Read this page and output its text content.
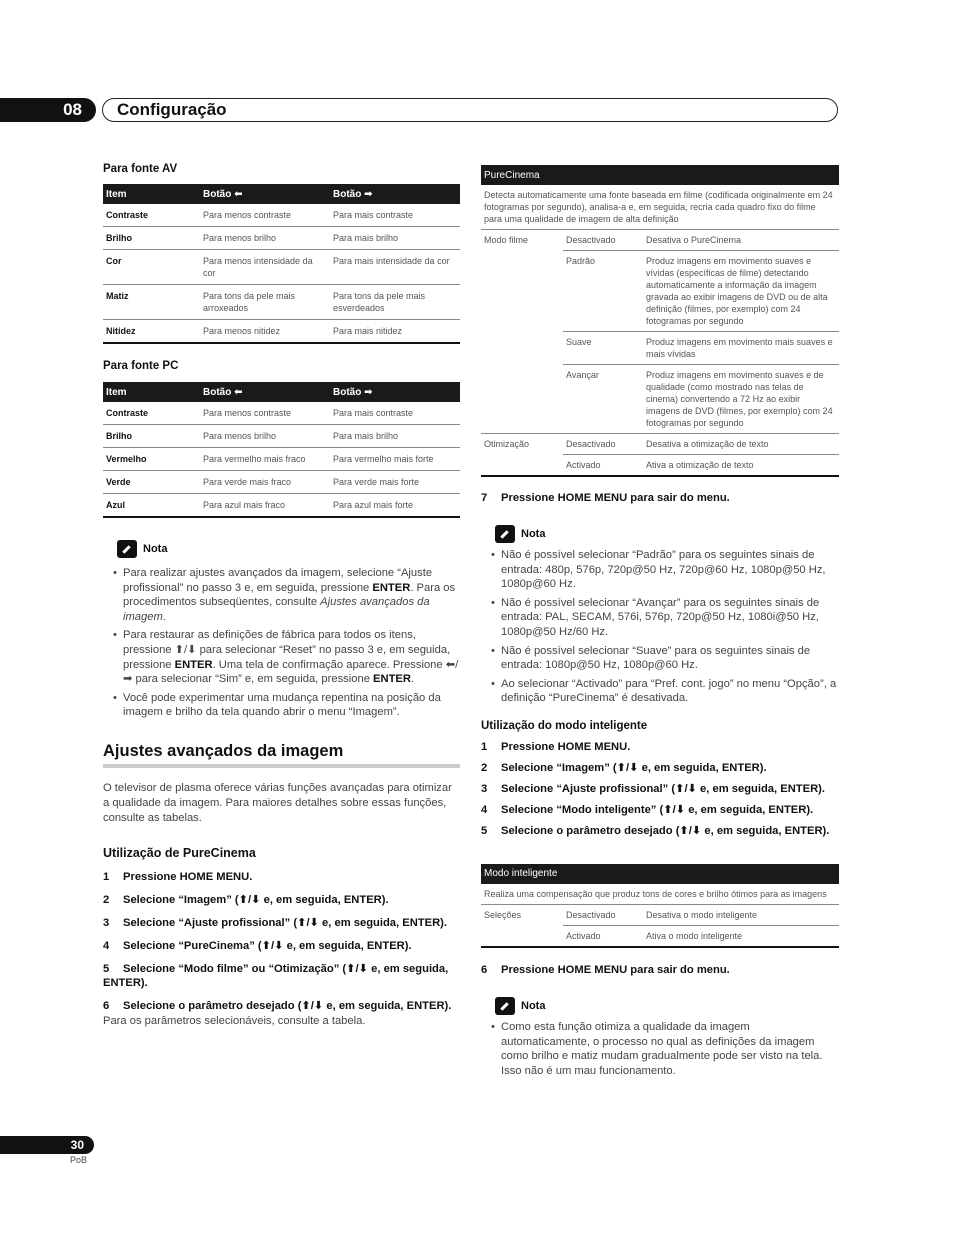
08	Configuração

Para fonte AV

Item	Botão ⬅	Botão ➡
Contraste	Para menos contraste	Para mais contraste
Brilho	Para menos brilho	Para mais brilho
Cor	Para menos intensidade da cor	Para mais intensidade da cor
Matiz	Para tons da pele mais arroxeados	Para tons da pele mais esverdeados
Nitidez	Para menos nitidez	Para mais nitidez

Para fonte PC

Item	Botão ⬅	Botão ➡
Contraste	Para menos contraste	Para mais contraste
Brilho	Para menos brilho	Para mais brilho
Vermelho	Para vermelho mais fraco	Para vermelho mais forte
Verde	Para verde mais fraco	Para verde mais forte
Azul	Para azul mais fraco	Para azul mais forte
Nota
• Para realizar ajustes avançados da imagem, selecione “Ajuste profissional” no passo 3 e, em seguida, pressione ENTER. Para os procedimentos subseqüentes, consulte Ajustes avançados da imagem.
• Para restaurar as definições de fábrica para todos os itens, pressione ⬆/⬇ para selecionar “Reset” no passo 3 e, em seguida, pressione ENTER. Uma tela de confirmação aparece. Pressione ⬅/➡ para selecionar “Sim” e, em seguida, pressione ENTER.
• Você pode experimentar uma mudança repentina na posição da imagem e brilho da tela quando abrir o menu “Imagem”.
Ajustes avançados da imagem

O televisor de plasma oferece várias funções avançadas para otimizar a qualidade da imagem. Para maiores detalhes sobre essas funções, consulte as tabelas.

Utilização de PureCinema

1 Pressione HOME MENU.

2 Selecione “Imagem” (⬆/⬇ e, em seguida, ENTER).

3 Selecione “Ajuste profissional” (⬆/⬇ e, em seguida, ENTER).

4 Selecione “PureCinema” (⬆/⬇ e, em seguida, ENTER).

5 Selecione “Modo filme” ou “Otimização” (⬆/⬇ e, em seguida, ENTER).

6 Selecione o parâmetro desejado (⬆/⬇ e, em seguida, ENTER).

Para os parâmetros selecionáveis, consulte a tabela.

PureCinema		
Detecta automaticamente uma fonte baseada em filme (codificada originalmente em 24 fotogramas por segundo), analisa-a e, em seguida, recria cada quadro fixo do filme para uma qualidade de imagem de alta definição		
Modo filme	Desactivado	Desativa o PureCinema
	Padrão	Produz imagens em movimento suaves e vívidas (específicas de filme) detectando automaticamente a informação da imagem gravada ao exibir imagens de DVD ou de alta definição (filmes, por exemplo) com 24 fotogramas por segundo
	Suave	Produz imagens em movimento mais suaves e mais vívidas
	Avançar	Produz imagens em movimento suaves e de qualidade (como mostrado nas telas de cinema) convertendo a 72 Hz ao exibir imagens de DVD (filmes, por exemplo) com 24 fotogramas por segundo
Otimização	Desactivado	Desativa a otimização de texto
	Activado	Ativa a otimização de texto

7 Pressione HOME MENU para sair do menu.

Nota
• Não é possível selecionar “Padrão” para os seguintes sinais de entrada: 480p, 576p, 720p@50 Hz, 720p@60 Hz, 1080p@50 Hz, 1080p@60 Hz.
• Não é possível selecionar “Avançar” para os seguintes sinais de entrada: PAL, SECAM, 576i, 576p, 720p@50 Hz, 1080i@50 Hz, 1080p@50 Hz/60 Hz.
• Não é possível selecionar “Suave” para os seguintes sinais de entrada: 1080p@50 Hz, 1080p@60 Hz.
• Ao selecionar “Activado” para “Pref. cont. jogo” no menu “Opção”, a definição “PureCinema” é desativada.

Utilização do modo inteligente

1 Pressione HOME MENU.

2 Selecione “Imagem” (⬆/⬇ e, em seguida, ENTER).

3 Selecione “Ajuste profissional” (⬆/⬇ e, em seguida, ENTER).

4 Selecione “Modo inteligente” (⬆/⬇ e, em seguida, ENTER).

5 Selecione o parâmetro desejado (⬆/⬇ e, em seguida, ENTER).

Modo inteligente		
Realiza uma compensação que produz tons de cores e brilho ótimos para as imagens		
Seleções	Desactivado	Desativa o modo inteligente
	Activado	Ativa o modo inteligente

6 Pressione HOME MENU para sair do menu.

Nota
• Como esta função otimiza a qualidade da imagem automaticamente, o processo no qual as definições da imagem como brilho e matiz mudam gradualmente pode ser visto na tela. Isso não é um mau funcionamento.
30
PoB
